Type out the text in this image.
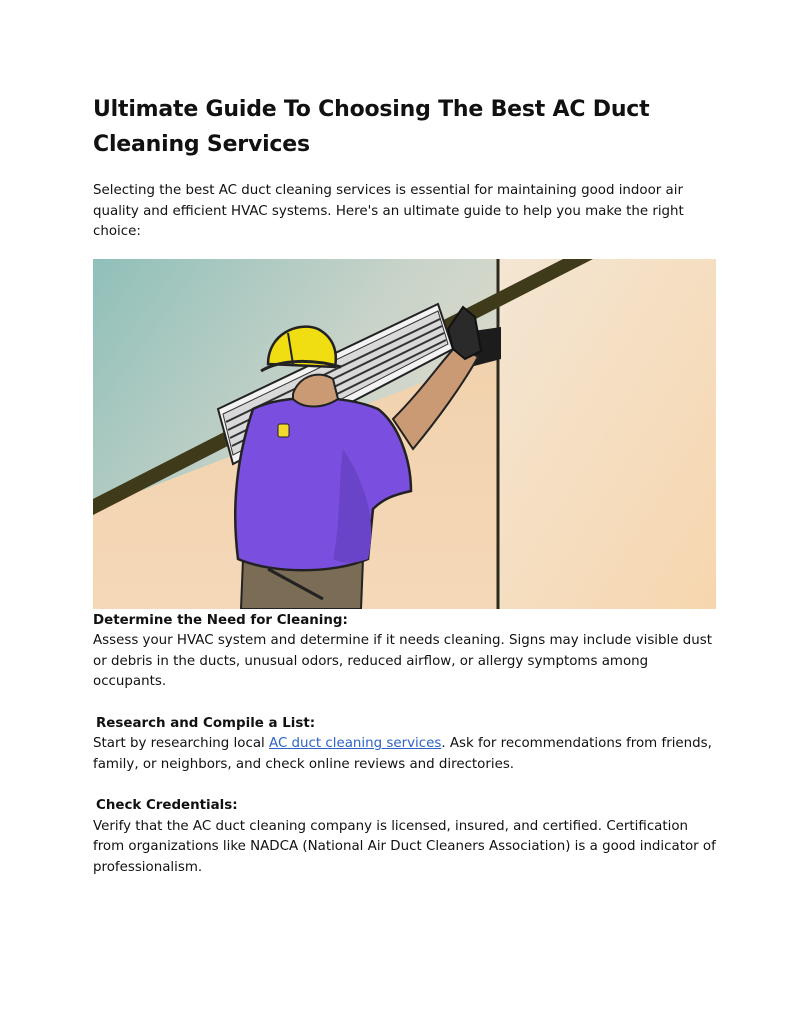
Ultimate Guide To Choosing The Best AC Duct Cleaning Services

Selecting the best AC duct cleaning services is essential for maintaining good indoor air quality and efficient HVAC systems. Here's an ultimate guide to help you make the right choice:

Determine the Need for Cleaning:

Assess your HVAC system and determine if it needs cleaning. Signs may include visible dust or debris in the ducts, unusual odors, reduced airflow, or allergy symptoms among occupants.

Research and Compile a List:

Start by researching local AC duct cleaning services. Ask for recommendations from friends, family, or neighbors, and check online reviews and directories.

Check Credentials:

Verify that the AC duct cleaning company is licensed, insured, and certified. Certification from organizations like NADCA (National Air Duct Cleaners Association) is a good indicator of professionalism.
